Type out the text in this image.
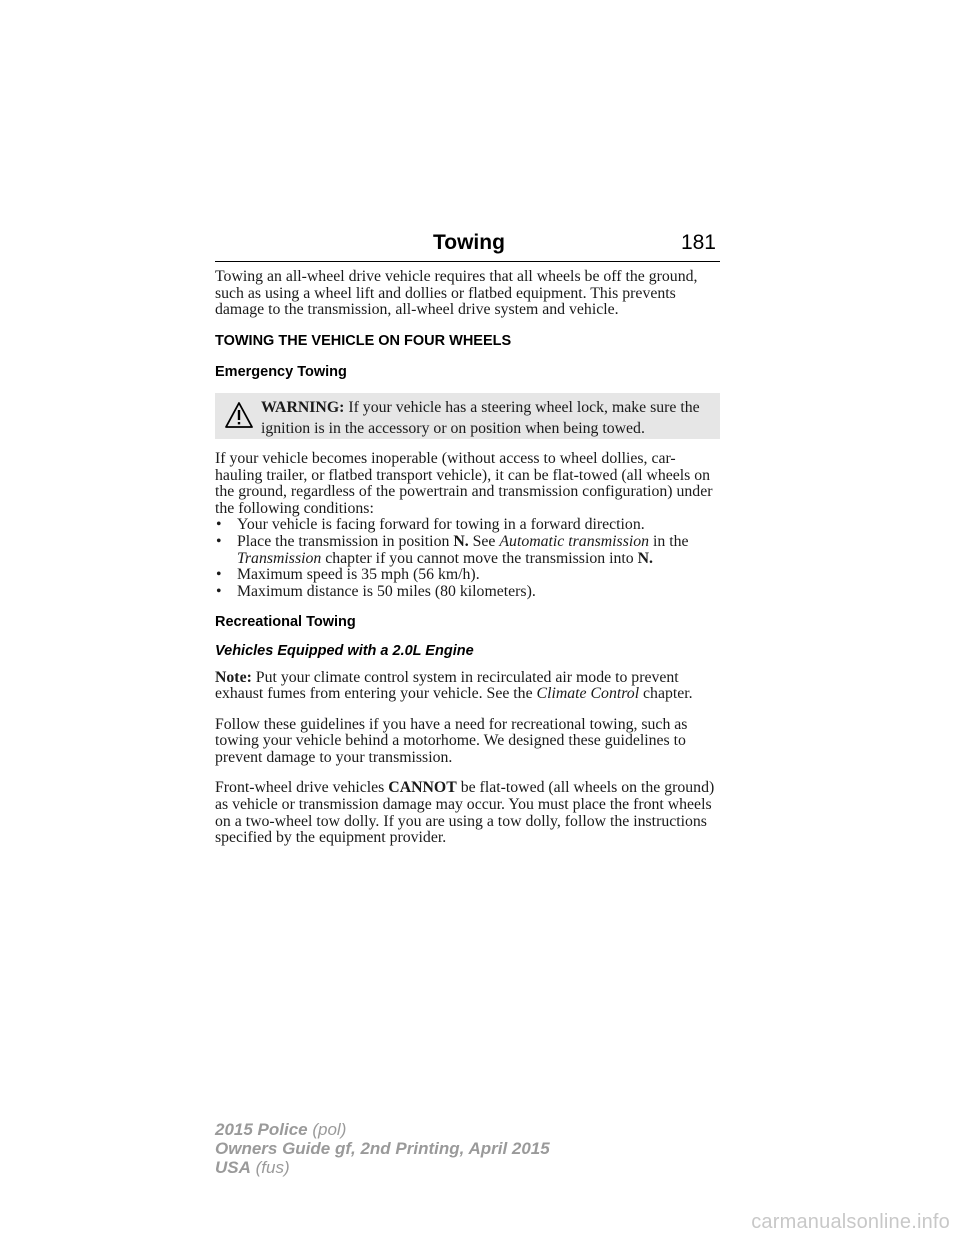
Towing	181

Towing an all-wheel drive vehicle requires that all wheels be off the ground, such as using a wheel lift and dollies or flatbed equipment. This prevents damage to the transmission, all-wheel drive system and vehicle.

TOWING THE VEHICLE ON FOUR WHEELS
Emergency Towing
WARNING: If your vehicle has a steering wheel lock, make sure the ignition is in the accessory or on position when being towed.

If your vehicle becomes inoperable (without access to wheel dollies, car-hauling trailer, or flatbed transport vehicle), it can be flat-towed (all wheels on the ground, regardless of the powertrain and transmission configuration) under the following conditions:

• Your vehicle is facing forward for towing in a forward direction.
• Place the transmission in position N. See Automatic transmission in the Transmission chapter if you cannot move the transmission into N.
• Maximum speed is 35 mph (56 km/h).
• Maximum distance is 50 miles (80 kilometers).
Recreational Towing
Vehicles Equipped with a 2.0L Engine

Note: Put your climate control system in recirculated air mode to prevent exhaust fumes from entering your vehicle. See the Climate Control chapter.

Follow these guidelines if you have a need for recreational towing, such as towing your vehicle behind a motorhome. We designed these guidelines to prevent damage to your transmission.

Front-wheel drive vehicles CANNOT be flat-towed (all wheels on the ground) as vehicle or transmission damage may occur. You must place the front wheels on a two-wheel tow dolly. If you are using a tow dolly, follow the instructions specified by the equipment provider.

2015 Police (pol)
Owners Guide gf, 2nd Printing, April 2015
USA (fus)
carmanualsonline.info
